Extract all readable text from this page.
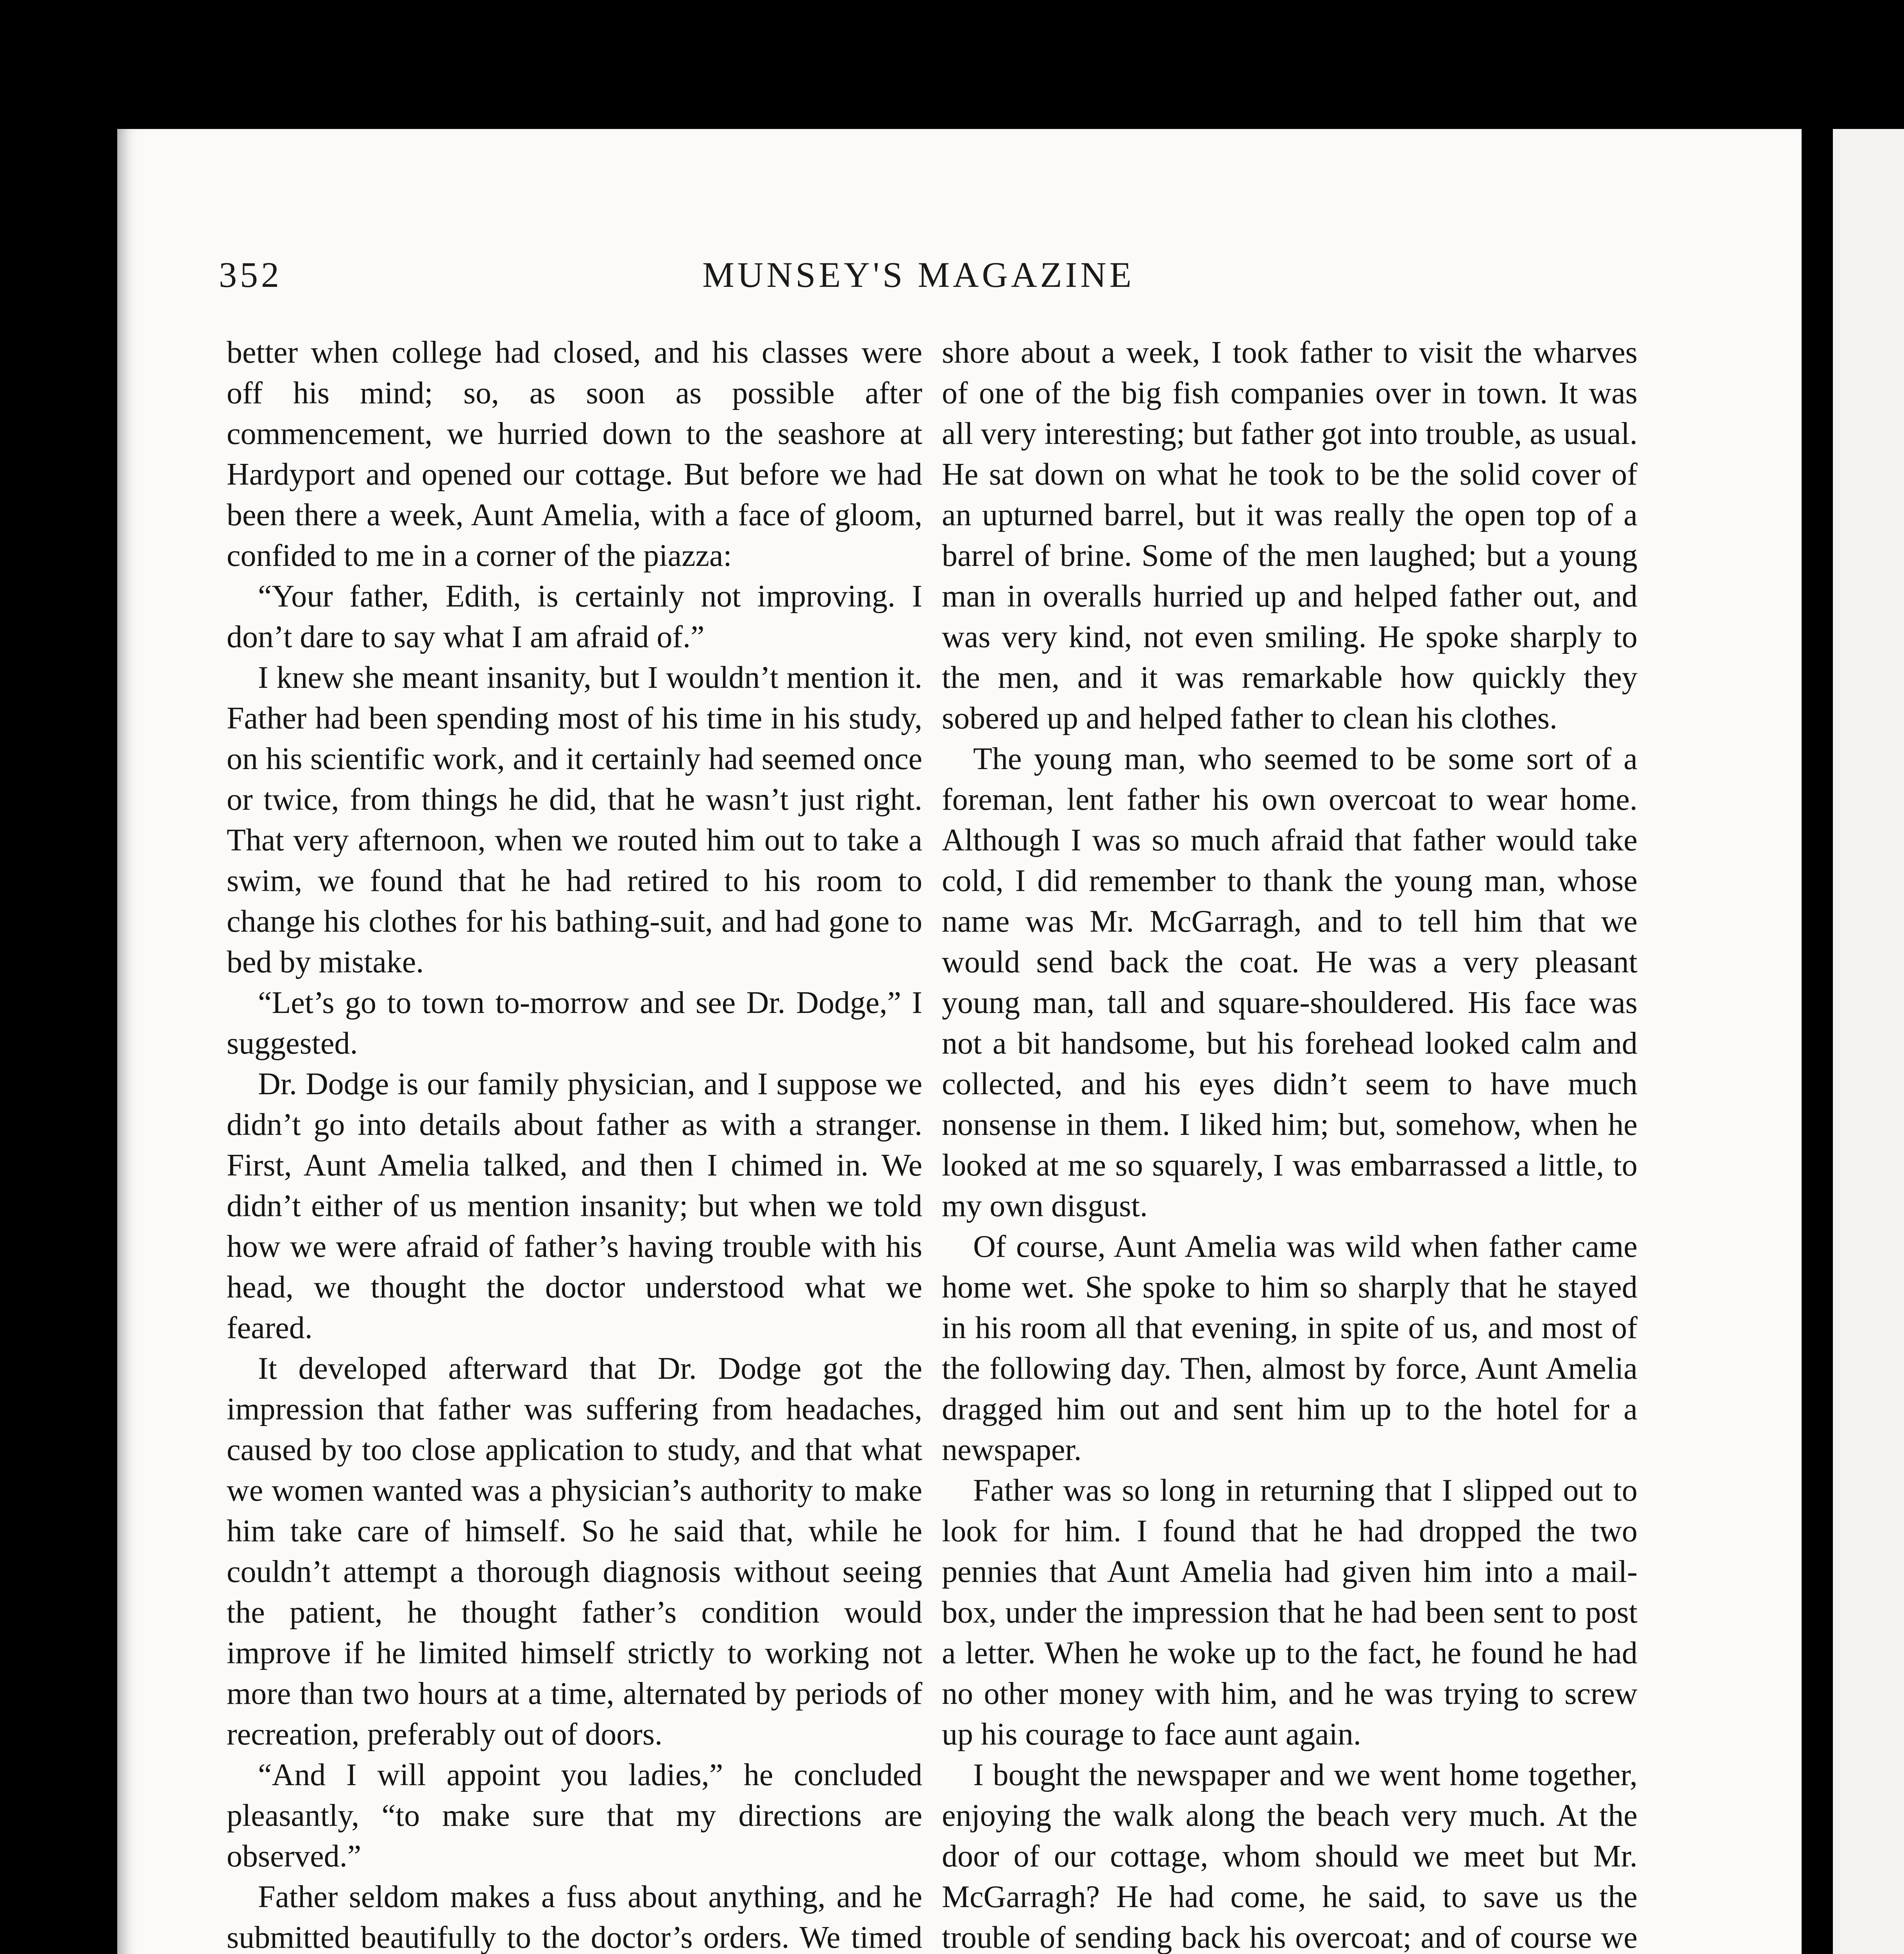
352	MUNSEY'S MAGAZINE

better when college had closed, and his classes were off his mind; so, as soon as possible after commencement, we hurried down to the seashore at Hardyport and opened our cottage. But before we had been there a week, Aunt Amelia, with a face of gloom, confided to me in a corner of the piazza:

“Your father, Edith, is certainly not improving. I don’t dare to say what I am afraid of.”

I knew she meant insanity, but I wouldn’t mention it. Father had been spending most of his time in his study, on his scientific work, and it certainly had seemed once or twice, from things he did, that he wasn’t just right. That very afternoon, when we routed him out to take a swim, we found that he had retired to his room to change his clothes for his bathing-suit, and had gone to bed by mistake.

“Let’s go to town to-morrow and see Dr. Dodge,” I suggested.

Dr. Dodge is our family physician, and I suppose we didn’t go into details about father as with a stranger. First, Aunt Amelia talked, and then I chimed in. We didn’t either of us mention insanity; but when we told how we were afraid of father’s having trouble with his head, we thought the doctor understood what we feared.

It developed afterward that Dr. Dodge got the impression that father was suffering from headaches, caused by too close application to study, and that what we women wanted was a physician’s authority to make him take care of himself. So he said that, while he couldn’t attempt a thorough diagnosis without seeing the patient, he thought father’s condition would improve if he limited himself strictly to working not more than two hours at a time, alternated by periods of recreation, preferably out of doors.

“And I will appoint you ladies,” he concluded pleasantly, “to make sure that my directions are observed.”

Father seldom makes a fuss about anything, and he submitted beautifully to the doctor’s orders. We timed

shore about a week, I took father to visit the wharves of one of the big fish companies over in town. It was all very interesting; but father got into trouble, as usual. He sat down on what he took to be the solid cover of an upturned barrel, but it was really the open top of a barrel of brine. Some of the men laughed; but a young man in overalls hurried up and helped father out, and was very kind, not even smiling. He spoke sharply to the men, and it was remarkable how quickly they sobered up and helped father to clean his clothes.

The young man, who seemed to be some sort of a foreman, lent father his own overcoat to wear home. Although I was so much afraid that father would take cold, I did remember to thank the young man, whose name was Mr. McGarragh, and to tell him that we would send back the coat. He was a very pleasant young man, tall and square-shouldered. His face was not a bit handsome, but his forehead looked calm and collected, and his eyes didn’t seem to have much nonsense in them. I liked him; but, somehow, when he looked at me so squarely, I was embarrassed a little, to my own disgust.

Of course, Aunt Amelia was wild when father came home wet. She spoke to him so sharply that he stayed in his room all that evening, in spite of us, and most of the following day. Then, almost by force, Aunt Amelia dragged him out and sent him up to the hotel for a newspaper.

Father was so long in returning that I slipped out to look for him. I found that he had dropped the two pennies that Aunt Amelia had given him into a mail-box, under the impression that he had been sent to post a letter. When he woke up to the fact, he found he had no other money with him, and he was trying to screw up his courage to face aunt again.

I bought the newspaper and we went home together, enjoying the walk along the beach very much. At the door of our cottage, whom should we meet but Mr. McGarragh? He had come, he said, to save us the trouble of sending back his overcoat; and of course we
